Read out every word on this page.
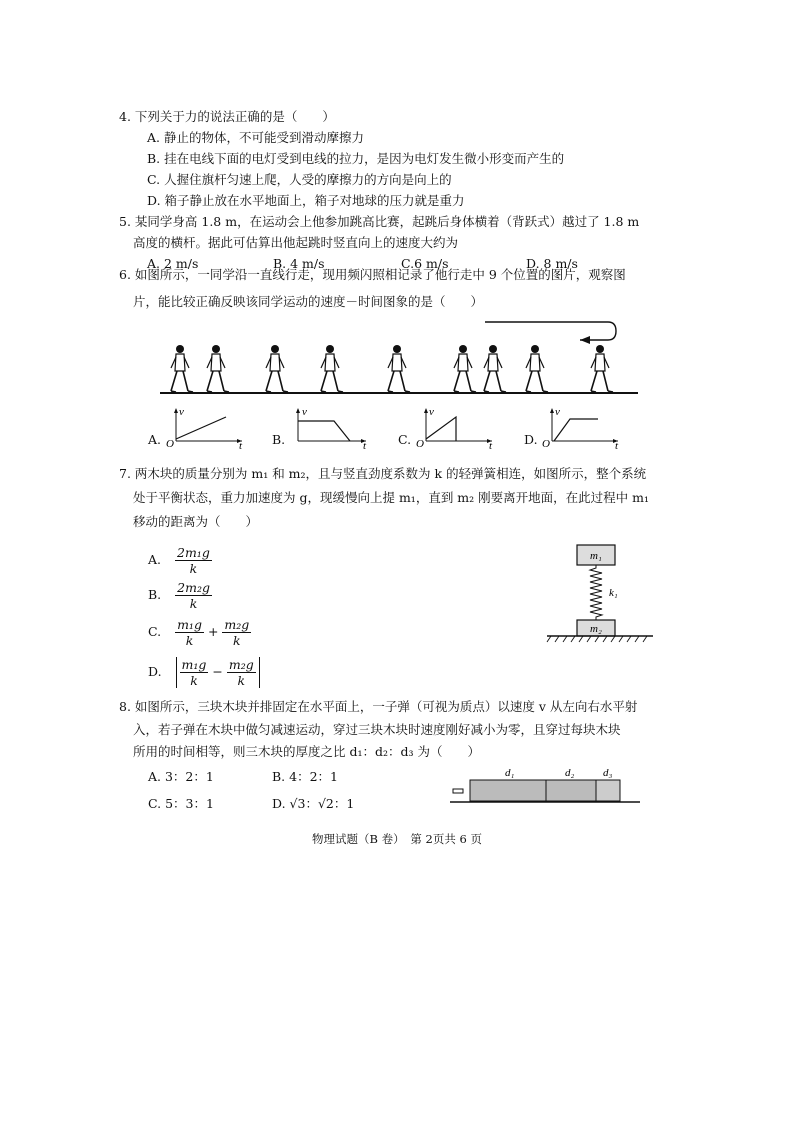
4. 下列关于力的说法正确的是（　　）
A. 静止的物体，不可能受到滑动摩擦力
B. 挂在电线下面的电灯受到电线的拉力，是因为电灯发生微小形变而产生的
C. 人握住旗杆匀速上爬，人受的摩擦力的方向是向上的
D. 箱子静止放在水平地面上，箱子对地球的压力就是重力
5. 某同学身高 1.8 m，在运动会上他参加跳高比赛，起跳后身体横着（背跃式）越过了 1.8 m
高度的横杆。据此可估算出他起跳时竖直向上的速度大约为
A. 2 m/s	B. 4 m/s	C.6 m/s	D. 8 m/s
6. 如图所示，一同学沿一直线行走，现用频闪照相记录了他行走中 9 个位置的图片，观察图
片，能比较正确反映该同学运动的速度－时间图象的是（　　）
A.	B.	C.	D.
v
t
O
v
t
v
t
O
v
t
O
7. 两木块的质量分别为 m₁ 和 m₂，且与竖直劲度系数为 k 的轻弹簧相连，如图所示，整个系统
处于平衡状态，重力加速度为 g，现缓慢向上提 m₁，直到 m₂ 刚要离开地面，在此过程中 m₁
移动的距离为（　　）
A. $\frac{\text{2m₁g}}{k}$
B. $\frac{\text{2m₂g}}{k}$
C. $\frac{\text{m₁g}}{k} + \frac{\text{m₂g}}{k}$
D. $\frac{\text{m₁g}}{k} - \frac{\text{m₂g}}{k}$
m₁
k₁
m₂
8. 如图所示，三块木块并排固定在水平面上，一子弹（可视为质点）以速度 v 从左向右水平射
入，若子弹在木块中做匀减速运动，穿过三块木块时速度刚好减小为零，且穿过每块木块
所用的时间相等，则三木块的厚度之比 d₁：d₂：d₃ 为（　　）
A. 3：2：1	B. 4：2：1
C. 5：3：1	D. √3：√2：1
d₁	d₂	d₃
物理试题（B 卷）　第 2页共 6 页
